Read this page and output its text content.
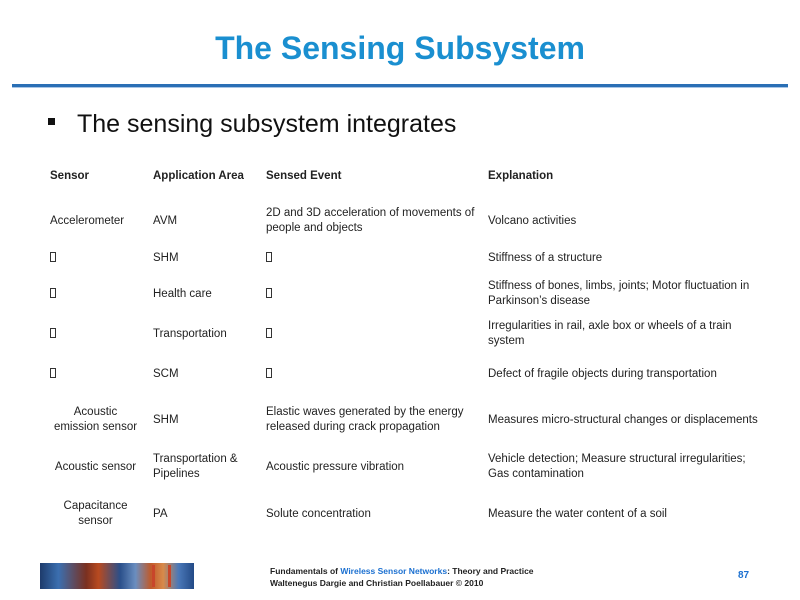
The Sensing Subsystem
The sensing subsystem integrates
Sensor	Application Area	Sensed Event	Explanation
Accelerometer	AVM	2D and 3D acceleration of movements of people and objects	Volcano activities
	SHM		Stiffness of a structure
	Health care		Stiffness of bones, limbs, joints; Motor fluctuation in Parkinson’s disease
	Transportation		Irregularities in rail, axle box or wheels of a train system
	SCM		Defect of fragile objects during transportation
Acoustic emission sensor	SHM	Elastic waves generated by the energy released during crack propagation	Measures micro-structural changes or displacements
Acoustic sensor	Transportation & Pipelines	Acoustic pressure vibration	Vehicle detection; Measure structural irregularities; Gas contamination
Capacitance sensor	PA	Solute concentration	Measure the water content of a soil
Fundamentals of Wireless Sensor Networks: Theory and Practice
Waltenegus Dargie and Christian Poellabauer © 2010
87
